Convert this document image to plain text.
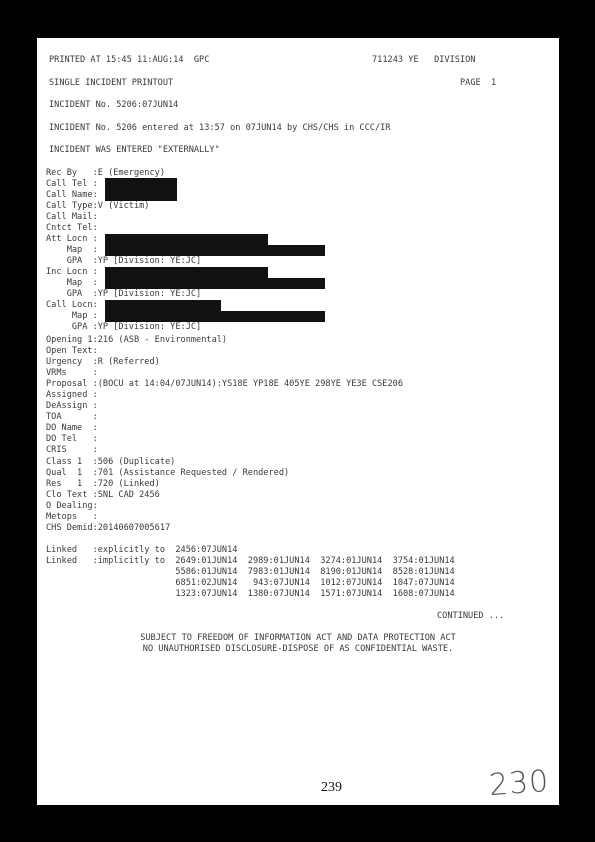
PRINTED AT 15:45 11:AUG:14  GPC	711243 YE   DIVISION
SINGLE INCIDENT PRINTOUT	PAGE  1
INCIDENT No. 5206:07JUN14
INCIDENT No. 5206 entered at 13:57 on 07JUN14 by CHS/CHS in CCC/IR
INCIDENT WAS ENTERED "EXTERNALLY"
Rec By   :E (Emergency)
Call Tel :
Call Name:
Call Type:V (Victim)
Call Mail:
Cntct Tel:
Att Locn :
Map  :
GPA  :YP [Division: YE:JC]
Inc Locn :
Map  :
GPA  :YP [Division: YE:JC]
Call Locn:
Map :
GPA :YP [Division: YE:JC]
Opening 1:216 (ASB - Environmental)
Open Text:
Urgency  :R (Referred)
VRMs     :
Proposal :(BOCU at 14:04/07JUN14):YS18E YP18E 405YE 298YE YE3E CSE206
Assigned :
DeAssign :
TOA      :
DO Name  :
DO Tel   :
CRIS     :
Class 1  :506 (Duplicate)
Qual  1  :701 (Assistance Requested / Rendered)
Res   1  :720 (Linked)
Clo Text :SNL CAD 2456
O Dealing:
Metops   :
CHS Demid:20140607005617
Linked   :explicitly to  2456:07JUN14
Linked   :implicitly to  2649:01JUN14  2989:01JUN14  3274:01JUN14  3754:01JUN14
5586:01JUN14  7983:01JUN14  8190:01JUN14  8528:01JUN14
6851:02JUN14   943:07JUN14  1012:07JUN14  1047:07JUN14
1323:07JUN14  1380:07JUN14  1571:07JUN14  1608:07JUN14
CONTINUED ...
SUBJECT TO FREEDOM OF INFORMATION ACT AND DATA PROTECTION ACT
NO UNAUTHORISED DISCLOSURE-DISPOSE OF AS CONFIDENTIAL WASTE.
239	230
